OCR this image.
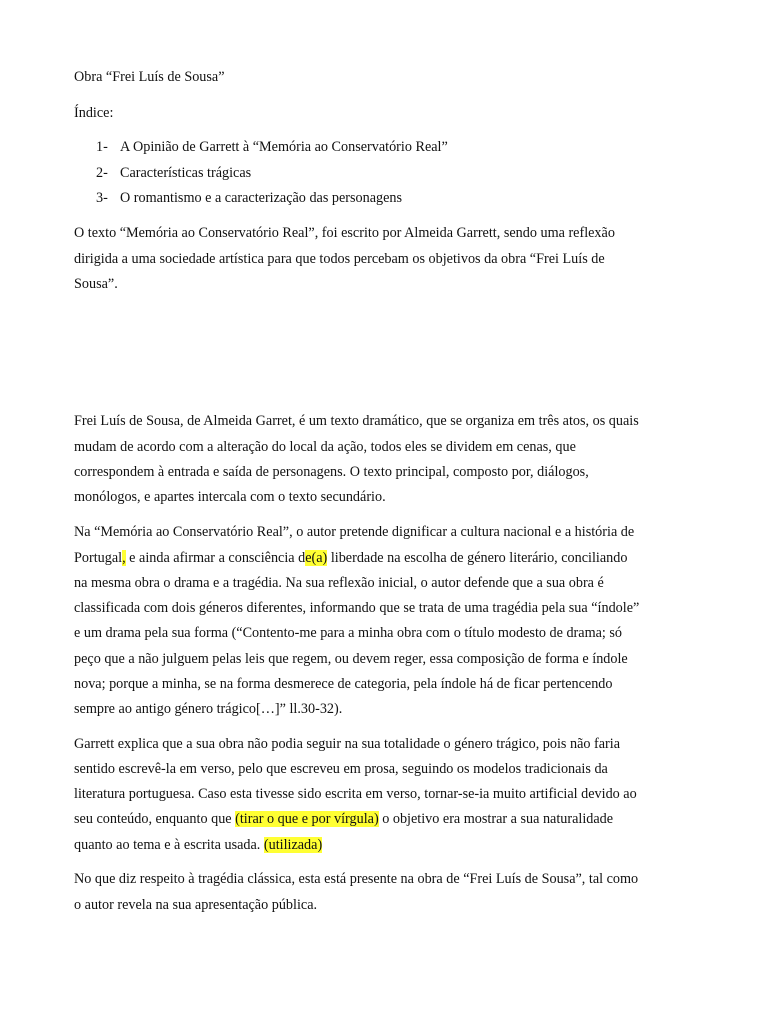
Obra “Frei Luís de Sousa”
Índice:
1- A Opinião de Garrett à “Memória ao Conservatório Real”
2- Características trágicas
3- O romantismo e a caracterização das personagens
O texto “Memória ao Conservatório Real”, foi escrito por Almeida Garrett, sendo uma reflexão
dirigida a uma sociedade artística para que todos percebam os objetivos da obra “Frei Luís de
Sousa”.
Frei Luís de Sousa, de Almeida Garret, é um texto dramático, que se organiza em três atos, os quais
mudam de acordo com a alteração do local da ação, todos eles se dividem em cenas, que
correspondem à entrada e saída de personagens. O texto principal, composto por, diálogos,
monólogos, e apartes intercala com o texto secundário.
Na “Memória ao Conservatório Real”, o autor pretende dignificar a cultura nacional e a história de
Portugal, e ainda afirmar a consciência de(a) liberdade na escolha de género literário, conciliando
na mesma obra o drama e a tragédia. Na sua reflexão inicial, o autor defende que a sua obra é
classificada com dois géneros diferentes, informando que se trata de uma tragédia pela sua “índole”
e um drama pela sua forma (“Contento-me para a minha obra com o título modesto de drama; só
peço que a não julguem pelas leis que regem, ou devem reger, essa composição de forma e índole
nova; porque a minha, se na forma desmerece de categoria, pela índole há de ficar pertencendo
sempre ao antigo género trágico[…]” ll.30-32).
Garrett explica que a sua obra não podia seguir na sua totalidade o género trágico, pois não faria
sentido escrevê-la em verso, pelo que escreveu em prosa, seguindo os modelos tradicionais da
literatura portuguesa. Caso esta tivesse sido escrita em verso, tornar-se-ia muito artificial devido ao
seu conteúdo, enquanto que (tirar o que e por vírgula) o objetivo era mostrar a sua naturalidade
quanto ao tema e à escrita usada. (utilizada)
No que diz respeito à tragédia clássica, esta está presente na obra de “Frei Luís de Sousa”, tal como
o autor revela na sua apresentação pública.
